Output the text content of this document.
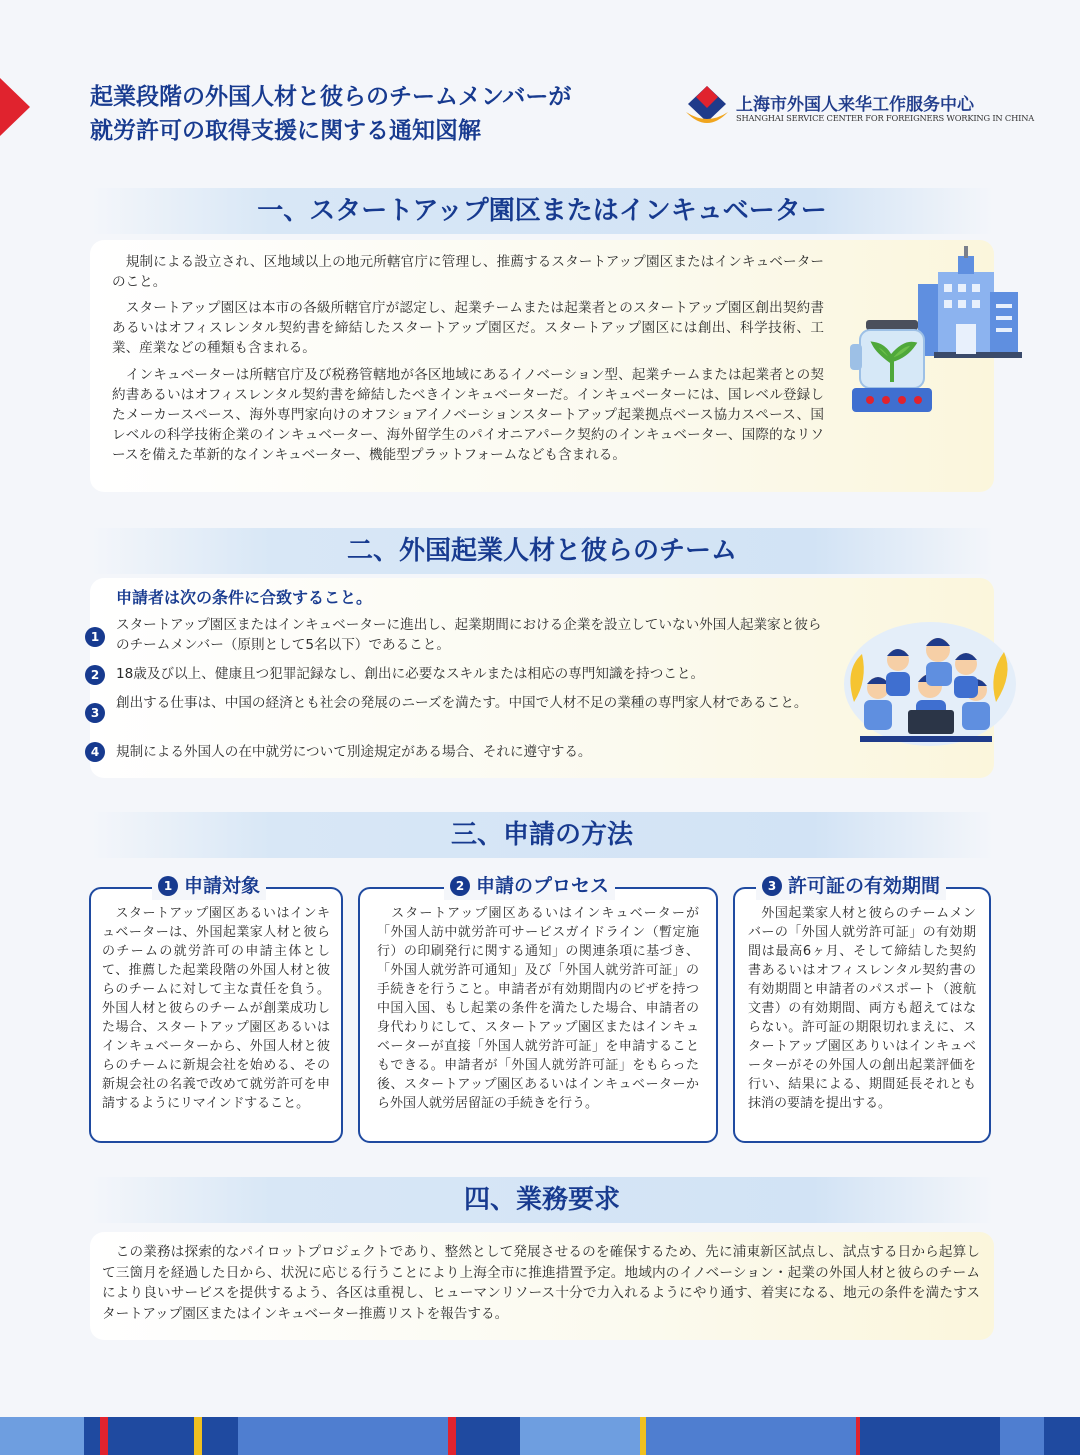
起業段階の外国人材と彼らのチームメンバーが
就労許可の取得支援に関する通知図解
上海市外国人来华工作服务中心
SHANGHAI SERVICE CENTER FOR FOREIGNERS WORKING IN CHINA
一、スタートアップ園区またはインキュベーター
　規制による設立され、区地域以上の地元所轄官庁に管理し、推薦するスタートアップ園区またはインキュベーターのこと。
　スタートアップ園区は本市の各級所轄官庁が認定し、起業チームまたは起業者とのスタートアップ園区創出契約書あるいはオフィスレンタル契約書を締結したスタートアップ園区だ。スタートアップ園区には創出、科学技術、工業、産業などの種類も含まれる。
　インキュベーターは所轄官庁及び税務管轄地が各区地域にあるイノベーション型、起業チームまたは起業者との契約書あるいはオフィスレンタル契約書を締結したべきインキュベーターだ。インキュベーターには、国レベル登録したメーカースペース、海外専門家向けのオフショアイノベーションスタートアップ起業拠点ベース協力スペース、国レベルの科学技術企業のインキュベーター、海外留学生のパイオニアパーク契約のインキュベーター、国際的なリソースを備えた革新的なインキュベーター、機能型プラットフォームなども含まれる。
二、外国起業人材と彼らのチーム
申請者は次の条件に合致すること。
1
スタートアップ園区またはインキュベーターに進出し、起業期間における企業を設立していない外国人起業家と彼らのチームメンバー（原則として5名以下）であること。
2	18歳及び以上、健康且つ犯罪記録なし、創出に必要なスキルまたは相応の専門知識を持つこと。
3
創出する仕事は、中国の経済とも社会の発展のニーズを満たす。中国で人材不足の業種の専門家人材であること。
4	規制による外国人の在中就労について別途規定がある場合、それに遵守する。
三、申請の方法
1 申請対象
　スタートアップ園区あるいはインキュベーターは、外国起業家人材と彼らのチームの就労許可の申請主体として、推薦した起業段階の外国人材と彼らのチームに対して主な責任を負う。外国人材と彼らのチームが創業成功した場合、スタートアップ園区あるいはインキュベーターから、外国人材と彼らのチームに新規会社を始める、その新規会社の名義で改めて就労許可を申請するようにリマインドすること。
2 申請のプロセス
　スタートアップ園区あるいはインキュベーターが「外国人訪中就労許可サービスガイドライン（暫定施行）の印刷発行に関する通知」の関連条項に基づき、「外国人就労許可通知」及び「外国人就労許可証」の手続きを行うこと。申請者が有効期間内のビザを持つ中国入国、もし起業の条件を満たした場合、申請者の身代わりにして、スタートアップ園区またはインキュベーターが直接「外国人就労許可証」を申請することもできる。申請者が「外国人就労許可証」をもらった後、スタートアップ園区あるいはインキュベーターから外国人就労居留証の手続きを行う。
3 許可証の有効期間
　外国起業家人材と彼らのチームメンバーの「外国人就労許可証」の有効期間は最高6ヶ月、そして締結した契約書あるいはオフィスレンタル契約書の有効期間と申請者のパスポート（渡航文書）の有効期間、両方も超えてはならない。許可証の期限切れまえに、スタートアップ園区ありいはインキュベーターがその外国人の創出起業評価を行い、結果による、期間延長それとも抹消の要請を提出する。
四、業務要求
　この業務は探索的なパイロットプロジェクトであり、整然として発展させるのを確保するため、先に浦東新区試点し、試点する日から起算して三箇月を経過した日から、状況に応じる行うことにより上海全市に推進措置予定。地域内のイノベーション・起業の外国人材と彼らのチームにより良いサービスを提供するよう、各区は重視し、ヒューマンリソース十分で力入れるようにやり通す、着実になる、地元の条件を満たすスタートアップ園区またはインキュベーター推薦リストを報告する。
